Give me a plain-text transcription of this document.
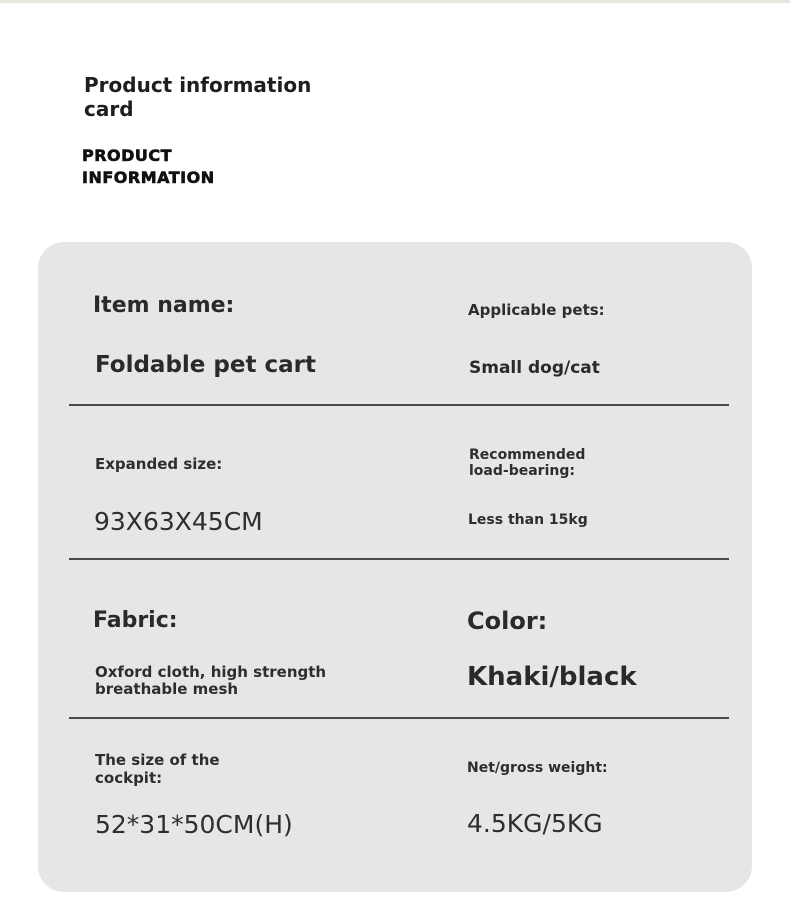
Product information card
PRODUCT
INFORMATION
Item name:
Foldable pet cart
Applicable pets:
Small dog/cat
Expanded size:
93X63X45CM
Recommended
load-bearing:
Less than 15kg
Fabric:
Oxford cloth, high strength
breathable mesh
Color:
Khaki/black
The size of the
cockpit:
52*31*50CM(H)
Net/gross weight:
4.5KG/5KG
